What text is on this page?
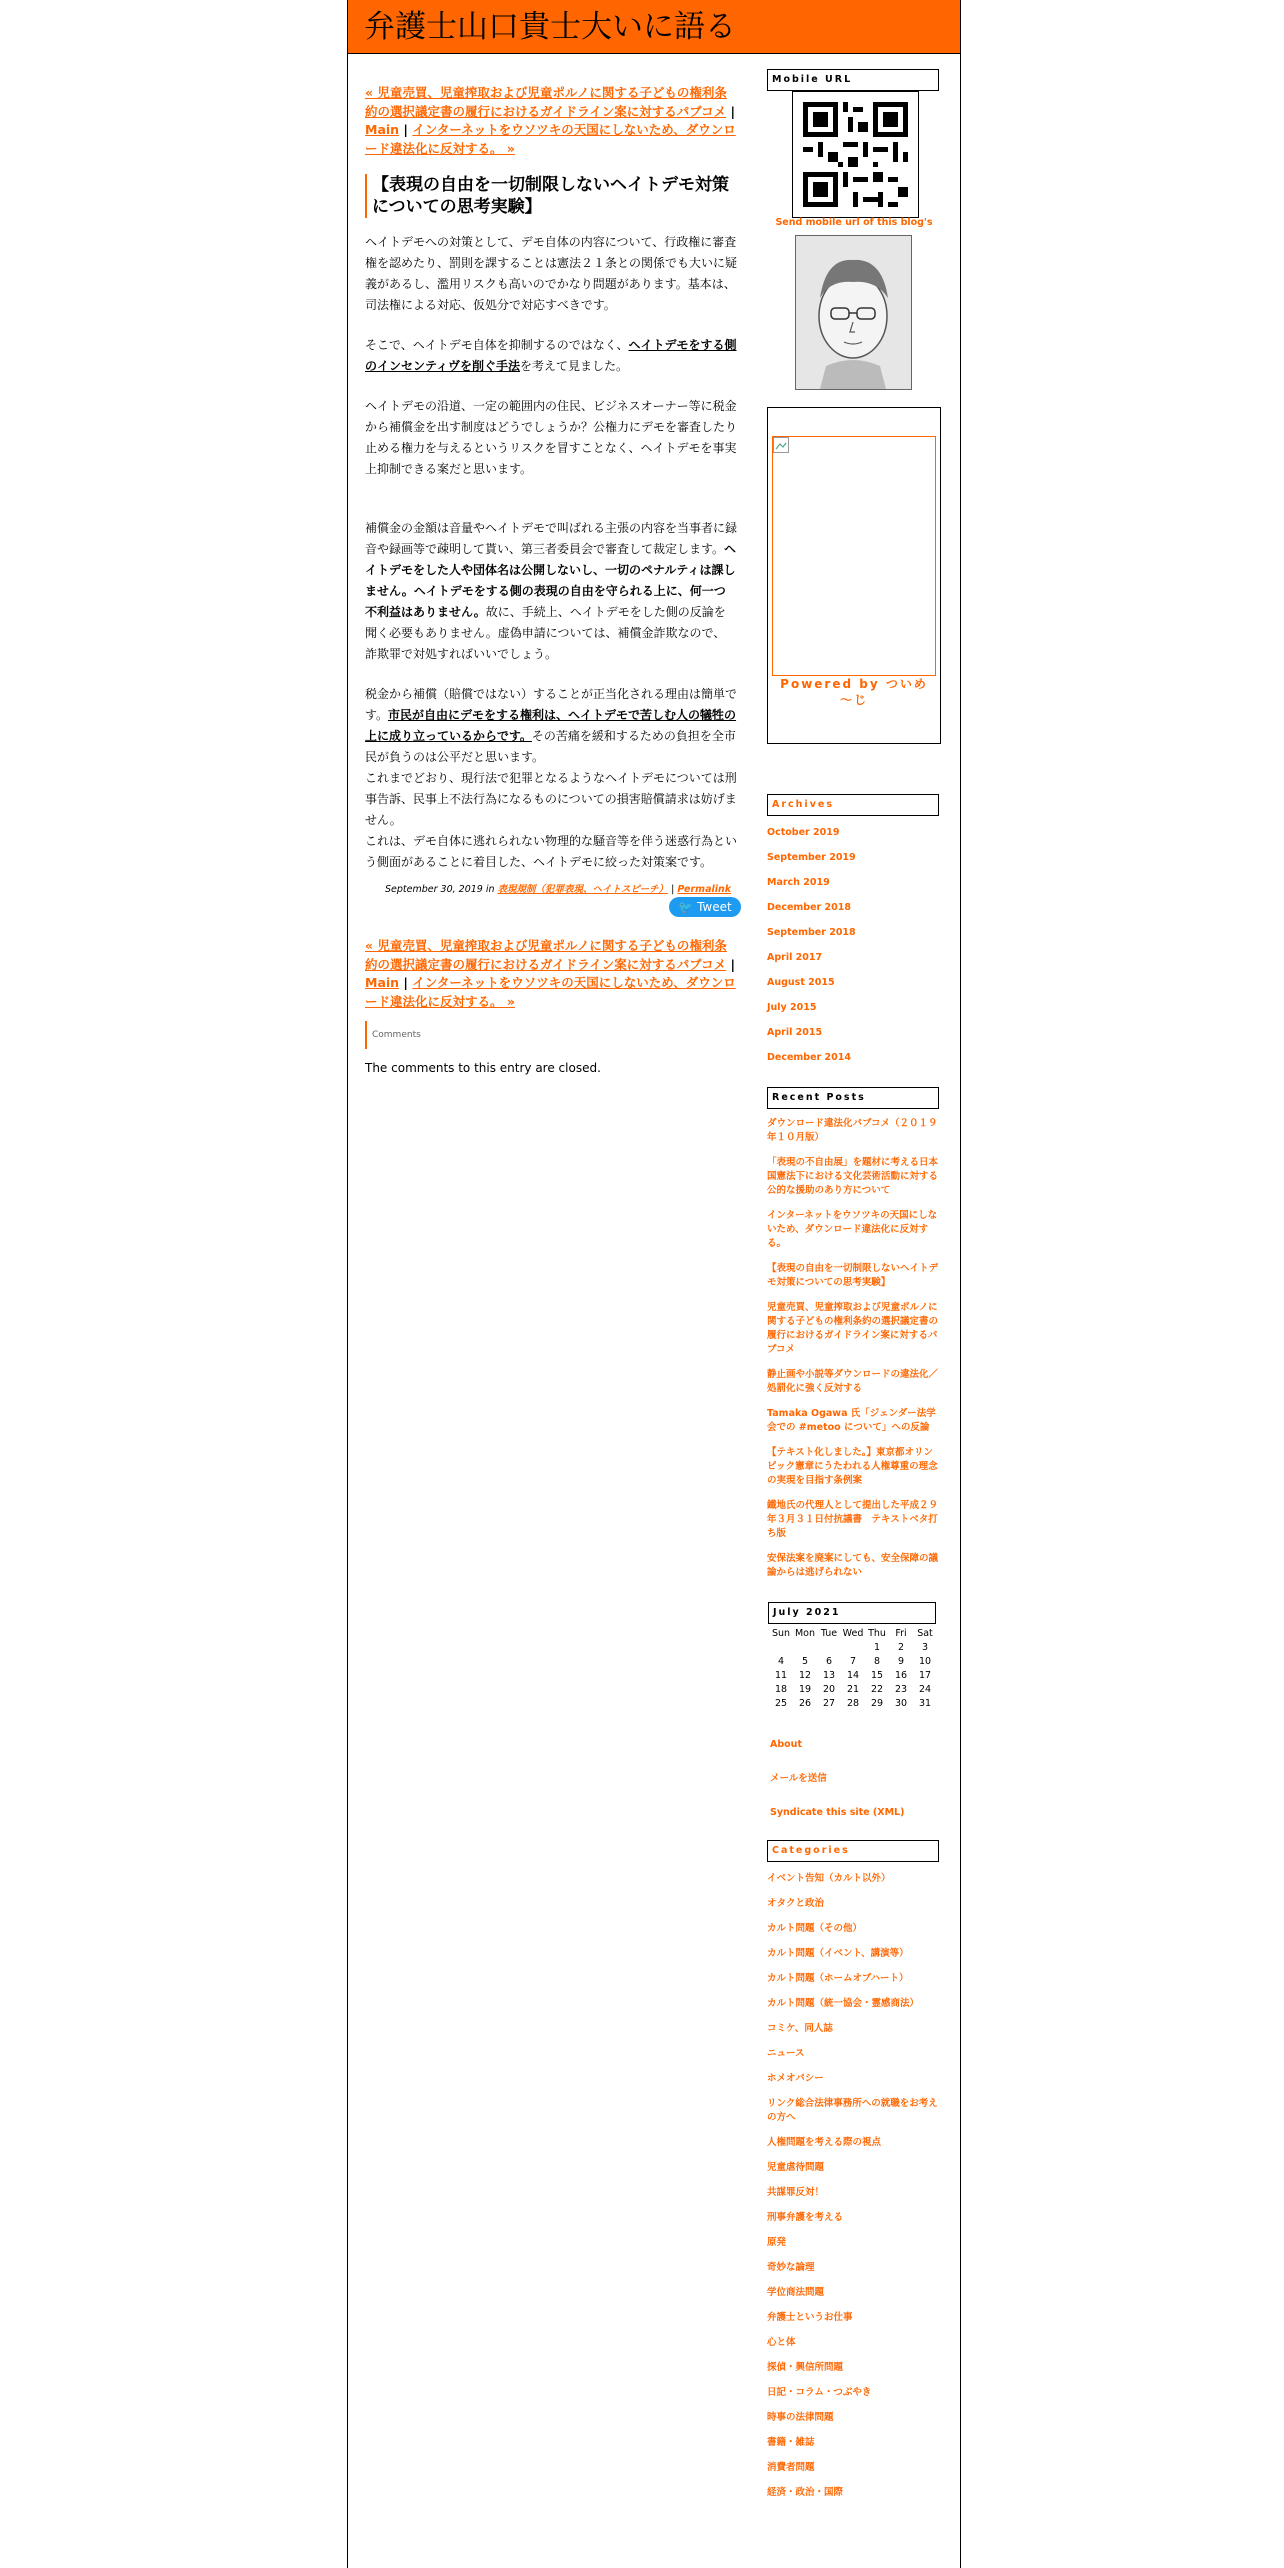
弁護士山口貴士大いに語る
« 児童売買、児童搾取および児童ポルノに関する子どもの権利条約の選択議定書の履行におけるガイドライン案に対するパブコメ | Main | インターネットをウソツキの天国にしないため、ダウンロード違法化に反対する。 »
【表現の自由を一切制限しないヘイトデモ対策についての思考実験】

ヘイトデモへの対策として、デモ自体の内容について、行政権に審査権を認めたり、罰則を課することは憲法２１条との関係でも大いに疑義があるし、濫用リスクも高いのでかなり問題があります。基本は、司法権による対応、仮処分で対応すべきです。

そこで、ヘイトデモ自体を抑制するのではなく、ヘイトデモをする側のインセンティヴを削ぐ手法を考えて見ました。

ヘイトデモの沿道、一定の範囲内の住民、ビジネスオーナー等に税金から補償金を出す制度はどうでしょうか？公権力にデモを審査したり止める権力を与えるというリスクを冒すことなく、ヘイトデモを事実上抑制できる案だと思います。

補償金の金額は音量やヘイトデモで叫ばれる主張の内容を当事者に録音や録画等で疎明して貰い、第三者委員会で審査して裁定します。ヘイトデモをした人や団体名は公開しないし、一切のペナルティは課しません。ヘイトデモをする側の表現の自由を守られる上に、何一つ不利益はありません。故に、手続上、ヘイトデモをした側の反論を聞く必要もありません。虚偽申請については、補償金詐欺なので、詐欺罪で対処すればいいでしょう。

税金から補償（賠償ではない）することが正当化される理由は簡単です。市民が自由にデモをする権利は、ヘイトデモで苦しむ人の犠牲の上に成り立っているからです。その苦痛を緩和するための負担を全市民が負うのは公平だと思います。

これまでどおり、現行法で犯罪となるようなヘイトデモについては刑事告訴、民事上不法行為になるものについての損害賠償請求は妨げません。

これは、デモ自体に逃れられない物理的な騒音等を伴う迷惑行為という側面があることに着目した、ヘイトデモに絞った対策案です。

September 30, 2019 in 表現規制（犯罪表現、ヘイトスピーチ） | Permalink
🐦 Tweet
« 児童売買、児童搾取および児童ポルノに関する子どもの権利条約の選択議定書の履行におけるガイドライン案に対するパブコメ | Main | インターネットをウソツキの天国にしないため、ダウンロード違法化に反対する。 »
Comments
The comments to this entry are closed.
Mobile URL
Send mobile url of this blog's
Powered by ついめ～じ
Archives
October 2019
September 2019
March 2019
December 2018
September 2018
April 2017
August 2015
July 2015
April 2015
December 2014
Recent Posts
ダウンロード違法化パブコメ（２０１９年１０月版）
「表現の不自由展」を題材に考える日本国憲法下における文化芸術活動に対する公的な援助のあり方について
インターネットをウソツキの天国にしないため、ダウンロード違法化に反対する。
【表現の自由を一切制限しないヘイトデモ対策についての思考実験】
児童売買、児童搾取および児童ポルノに関する子どもの権利条約の選択議定書の履行におけるガイドライン案に対するパブコメ
静止画や小説等ダウンロードの違法化／処罰化に強く反対する
Tamaka Ogawa 氏「ジェンダー法学会での #metoo について」への反論
【テキスト化しました。】東京都オリンピック憲章にうたわれる人権尊重の理念の実現を目指す条例案
鐵地氏の代理人として提出した平成２９年３月３１日付抗議書　テキストベタ打ち版
安保法案を廃案にしても、安全保障の議論からは逃げられない
July 2021
Sun	Mon	Tue	Wed	Thu	Fri	Sat
				1	2	3
4	5	6	7	8	9	10
11	12	13	14	15	16	17
18	19	20	21	22	23	24
25	26	27	28	29	30	31
About
メールを送信
Syndicate this site (XML)
Categories
イベント告知（カルト以外）
オタクと政治
カルト問題（その他）
カルト問題（イベント、講演等）
カルト問題（ホームオブハート）
カルト問題（統一協会・霊感商法）
コミケ、同人誌
ニュース
ホメオパシー
リンク総合法律事務所への就職をお考えの方へ
人権問題を考える際の視点
児童虐待問題
共謀罪反対！
刑事弁護を考える
原発
奇妙な論理
学位商法問題
弁護士というお仕事
心と体
探偵・興信所問題
日記・コラム・つぶやき
時事の法律問題
書籍・雑誌
消費者問題
経済・政治・国際
